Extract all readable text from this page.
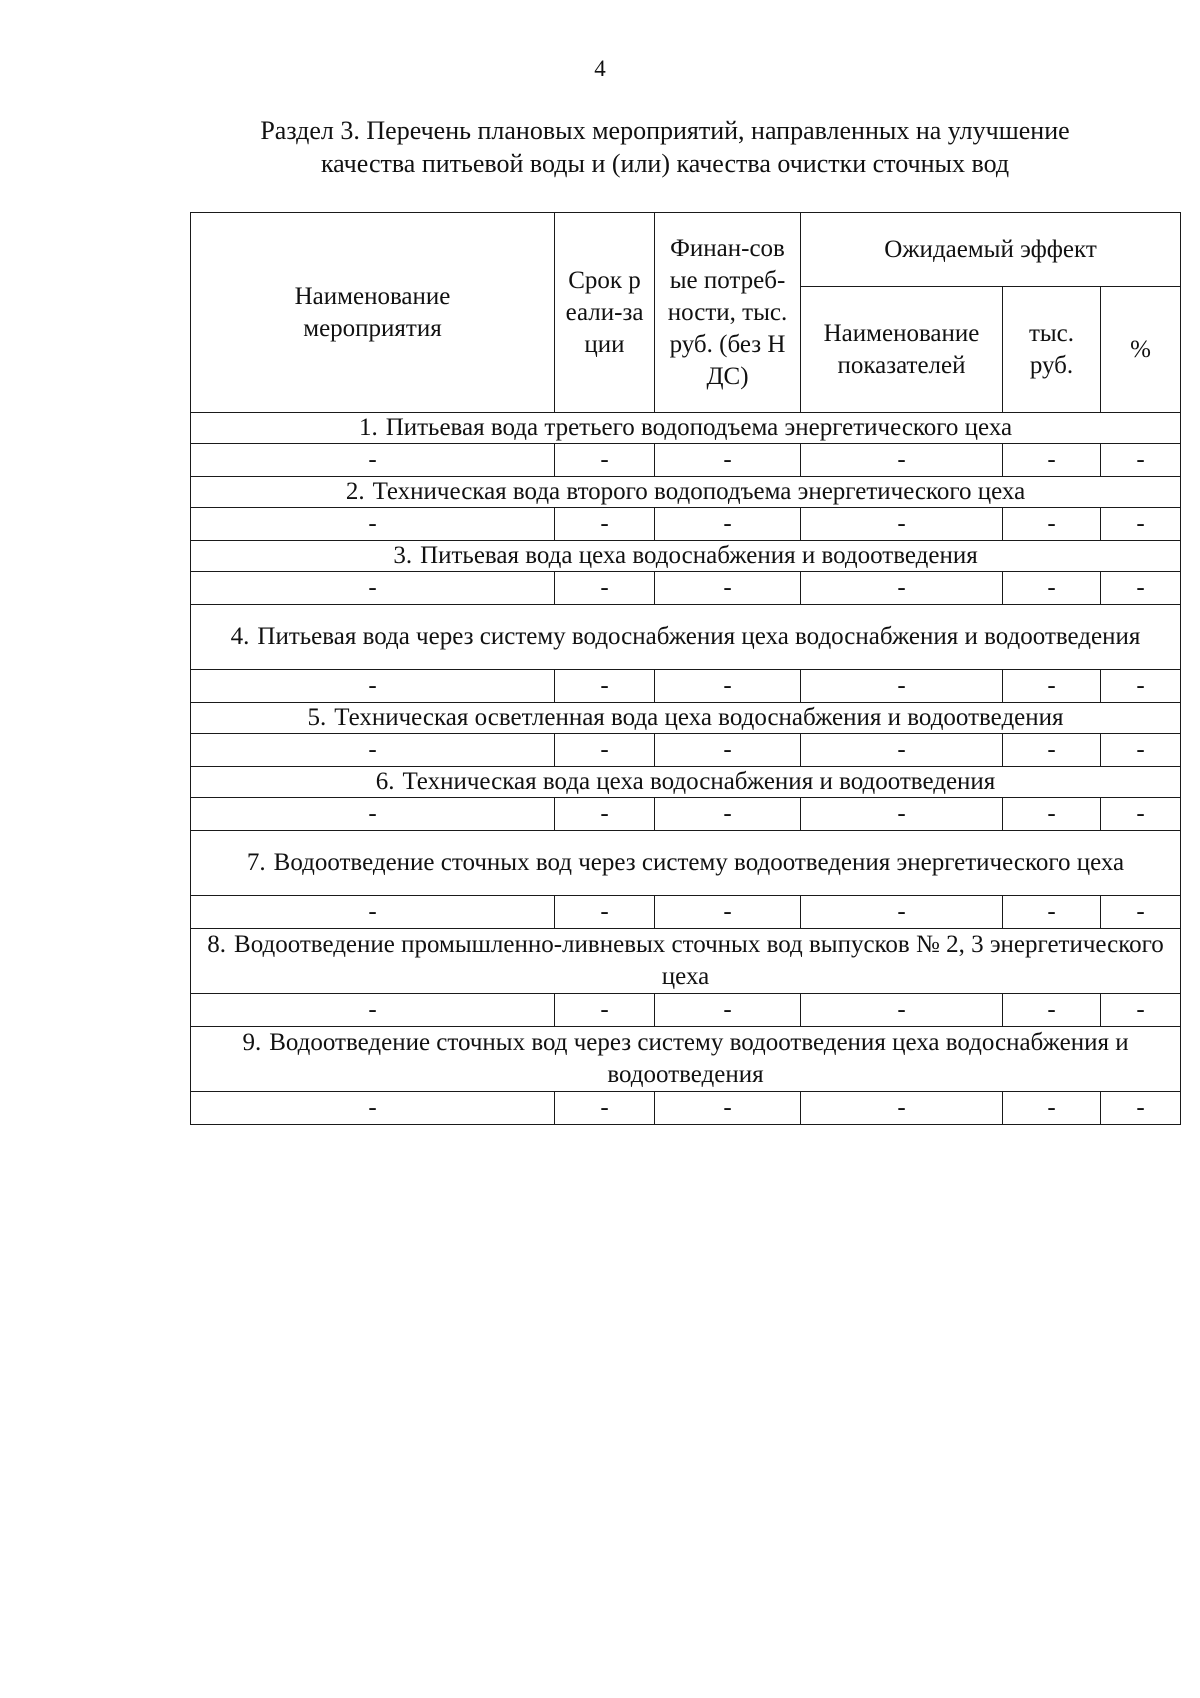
4
Раздел 3. Перечень плановых мероприятий, направленных на улучшение
качества питьевой воды и (или) качества очистки сточных вод
Наименование мероприятия	Срок реали-зации	Финан-совые потреб-ности, тыс. руб. (без НДС)	Ожидаемый эффект		

			Наименование показателей	тыс. руб.	%
1. Питьевая вода третьего водоподъема энергетического цеха					
-	-	-	-	-	-
2. Техническая вода второго водоподъема энергетического цеха					
-	-	-	-	-	-
3. Питьевая вода цеха водоснабжения и водоотведения					
-	-	-	-	-	-
4. Питьевая вода через систему водоснабжения цеха водоснабжения и водоотведения					
-	-	-	-	-	-
5. Техническая осветленная вода цеха водоснабжения и водоотведения					
-	-	-	-	-	-
6. Техническая вода цеха водоснабжения и водоотведения					
-	-	-	-	-	-
7. Водоотведение сточных вод через систему водоотведения энергетического цеха					
-	-	-	-	-	-
8. Водоотведение промышленно-ливневых сточных вод выпусков № 2, 3 энергетического цеха					
-	-	-	-	-	-
9. Водоотведение сточных вод через систему водоотведения цеха водоснабжения и водоотведения					
-	-	-	-	-	-
